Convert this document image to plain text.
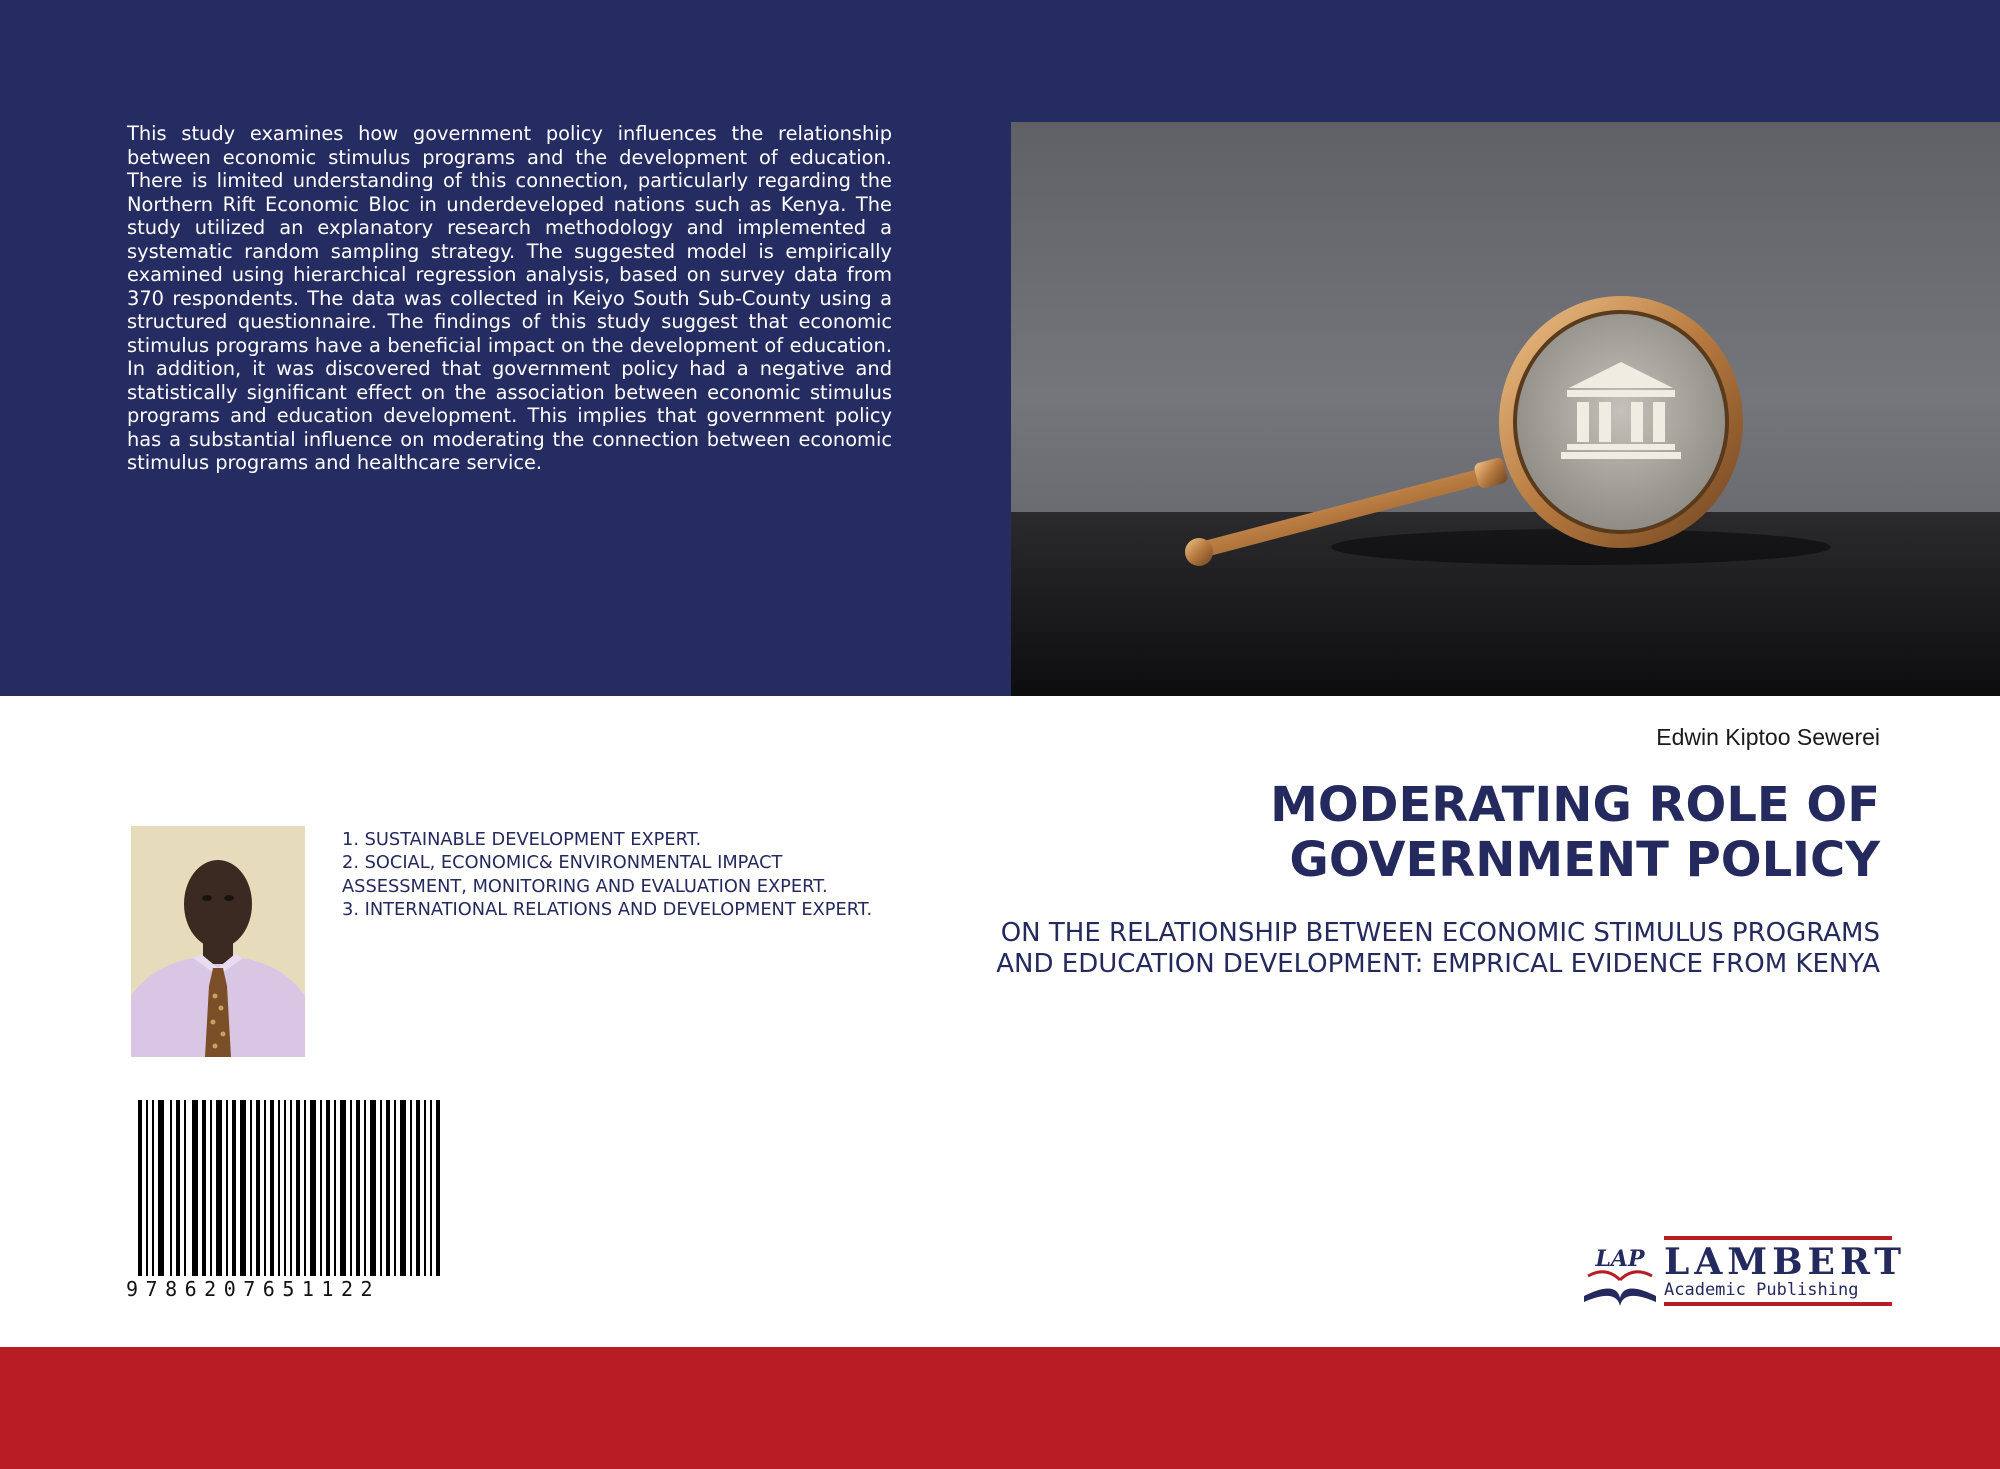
This study examines how government policy influences the relationship between economic stimulus programs and the development of education. There is limited understanding of this connection, particularly regarding the Northern Rift Economic Bloc in underdeveloped nations such as Kenya. The study utilized an explanatory research methodology and implemented a systematic random sampling strategy. The suggested model is empirically examined using hierarchical regression analysis, based on survey data from 370 respondents. The data was collected in Keiyo South Sub-County using a structured questionnaire. The findings of this study suggest that economic stimulus programs have a beneficial impact on the development of education. In addition, it was discovered that government policy had a negative and statistically significant effect on the association between economic stimulus programs and education development. This implies that government policy has a substantial influence on moderating the connection between economic stimulus programs and healthcare service.

Edwin Kiptoo Sewerei

MODERATING ROLE OF GOVERNMENT POLICY

ON THE RELATIONSHIP BETWEEN ECONOMIC STIMULUS PROGRAMS AND EDUCATION DEVELOPMENT: EMPRICAL EVIDENCE FROM KENYA

1. SUSTAINABLE DEVELOPMENT EXPERT.
2. SOCIAL, ECONOMIC& ENVIRONMENTAL IMPACT ASSESSMENT, MONITORING AND EVALUATION EXPERT.
3. INTERNATIONAL RELATIONS AND DEVELOPMENT EXPERT.

9786207651122

LAP LAMBERT
Academic Publishing
